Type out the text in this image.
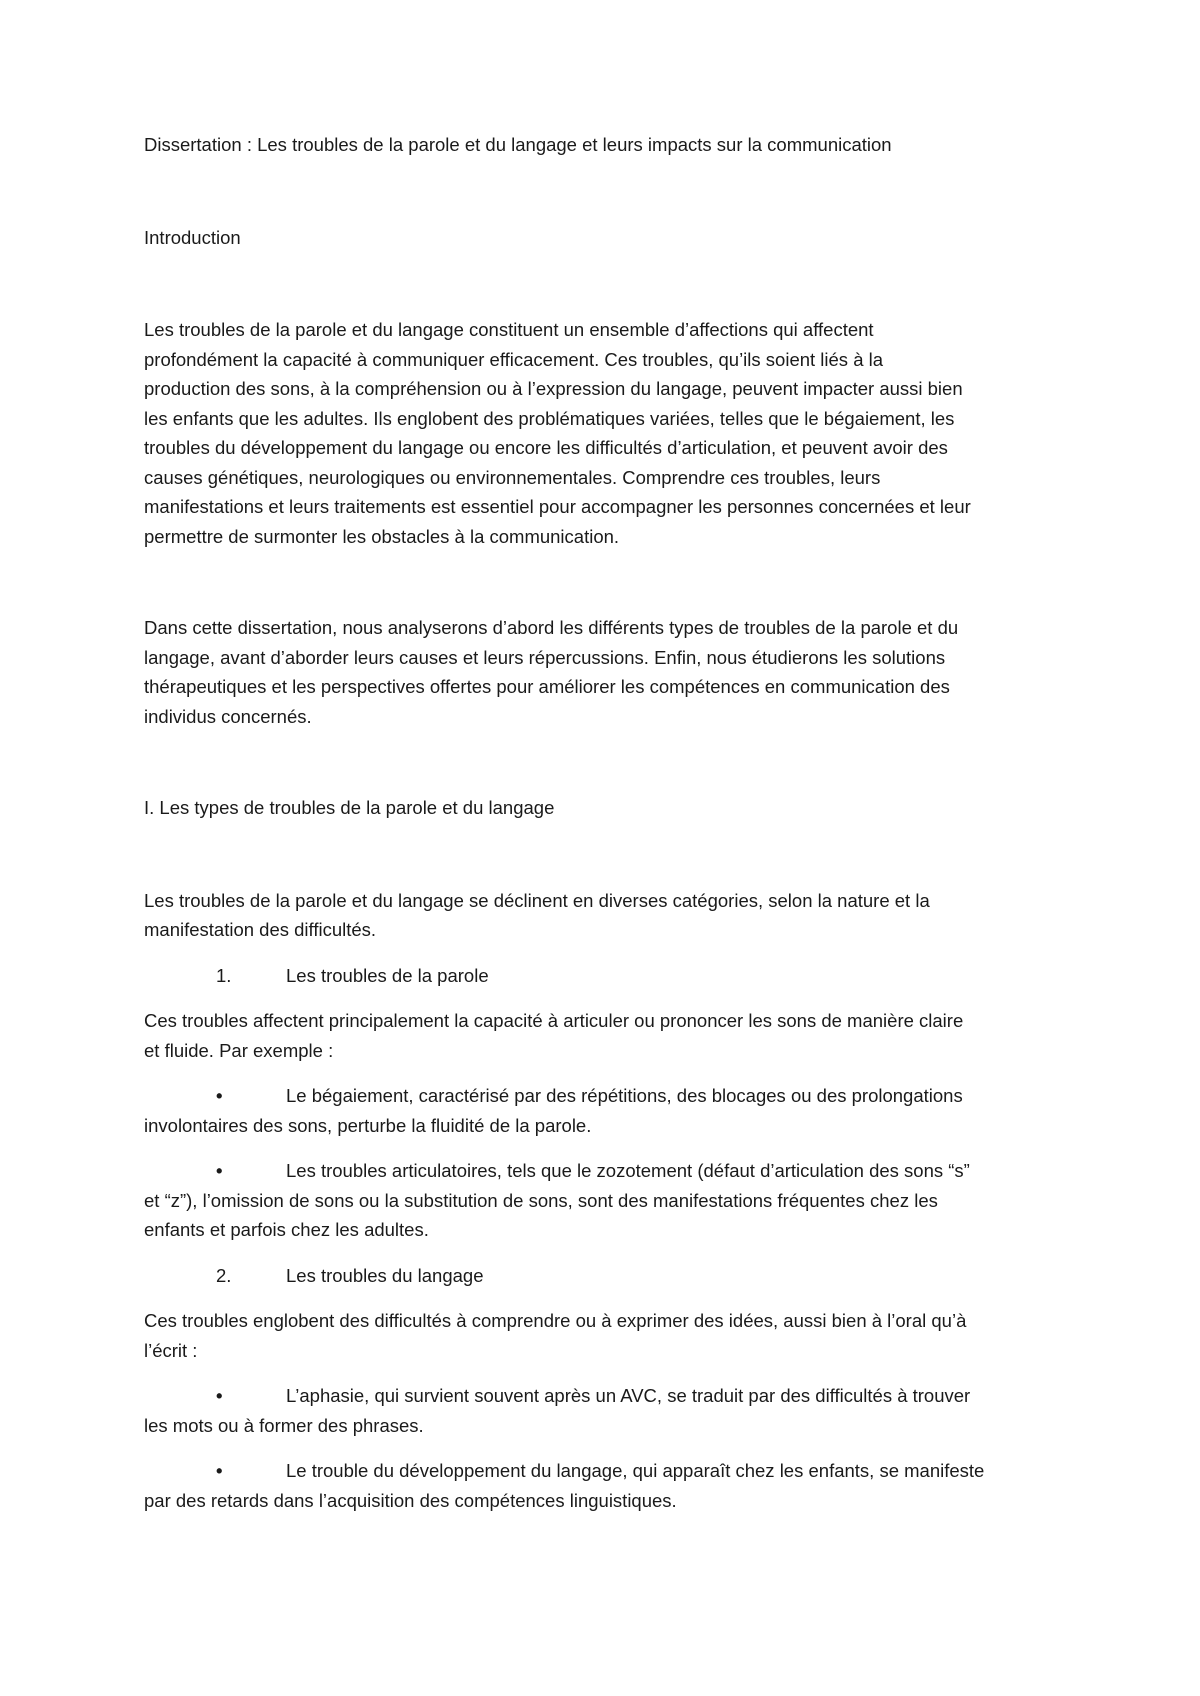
Dissertation : Les troubles de la parole et du langage et leurs impacts sur la communication

Introduction

Les troubles de la parole et du langage constituent un ensemble d’affections qui affectent
profondément la capacité à communiquer efficacement. Ces troubles, qu’ils soient liés à la
production des sons, à la compréhension ou à l’expression du langage, peuvent impacter aussi bien
les enfants que les adultes. Ils englobent des problématiques variées, telles que le bégaiement, les
troubles du développement du langage ou encore les difficultés d’articulation, et peuvent avoir des
causes génétiques, neurologiques ou environnementales. Comprendre ces troubles, leurs
manifestations et leurs traitements est essentiel pour accompagner les personnes concernées et leur
permettre de surmonter les obstacles à la communication.

Dans cette dissertation, nous analyserons d’abord les différents types de troubles de la parole et du
langage, avant d’aborder leurs causes et leurs répercussions. Enfin, nous étudierons les solutions
thérapeutiques et les perspectives offertes pour améliorer les compétences en communication des
individus concernés.

I. Les types de troubles de la parole et du langage

Les troubles de la parole et du langage se déclinent en diverses catégories, selon la nature et la
manifestation des difficultés.

1.	Les troubles de la parole

Ces troubles affectent principalement la capacité à articuler ou prononcer les sons de manière claire
et fluide. Par exemple :

•	Le bégaiement, caractérisé par des répétitions, des blocages ou des prolongations
involontaires des sons, perturbe la fluidité de la parole.

•	Les troubles articulatoires, tels que le zozotement (défaut d’articulation des sons “s”
et “z”), l’omission de sons ou la substitution de sons, sont des manifestations fréquentes chez les
enfants et parfois chez les adultes.

2.	Les troubles du langage

Ces troubles englobent des difficultés à comprendre ou à exprimer des idées, aussi bien à l’oral qu’à
l’écrit :

•	L’aphasie, qui survient souvent après un AVC, se traduit par des difficultés à trouver
les mots ou à former des phrases.

•	Le trouble du développement du langage, qui apparaît chez les enfants, se manifeste
par des retards dans l’acquisition des compétences linguistiques.
